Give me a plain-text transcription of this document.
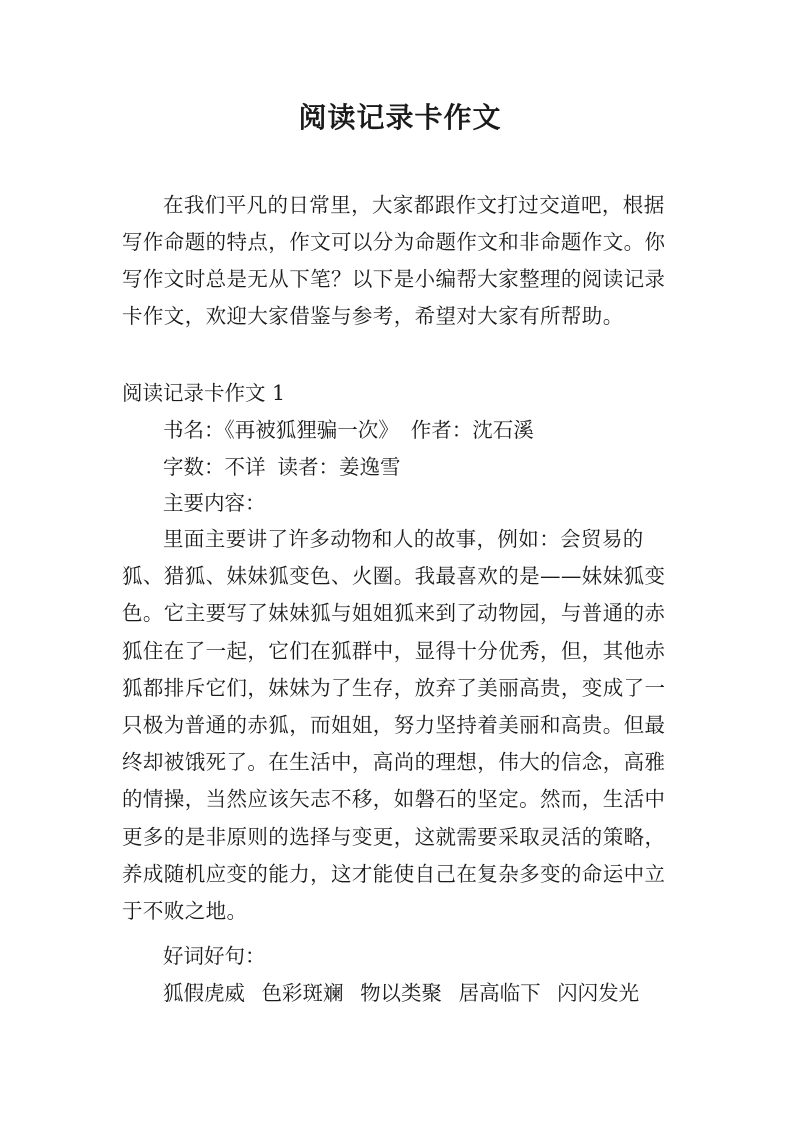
阅读记录卡作文

在我们平凡的日常里，大家都跟作文打过交道吧，根据写作命题的特点，作文可以分为命题作文和非命题作文。你写作文时总是无从下笔？以下是小编帮大家整理的阅读记录卡作文，欢迎大家借鉴与参考，希望对大家有所帮助。

阅读记录卡作文 1

书名：《再被狐狸骗一次》 作者：沈石溪

字数：不详 读者：姜逸雪

主要内容：

里面主要讲了许多动物和人的故事，例如：会贸易的狐、猎狐、妹妹狐变色、火圈。我最喜欢的是——妹妹狐变色。它主要写了妹妹狐与姐姐狐来到了动物园，与普通的赤狐住在了一起，它们在狐群中，显得十分优秀，但，其他赤狐都排斥它们，妹妹为了生存，放弃了美丽高贵，变成了一只极为普通的赤狐，而姐姐，努力坚持着美丽和高贵。但最终却被饿死了。在生活中，高尚的理想，伟大的信念，高雅的情操，当然应该矢志不移，如磐石的坚定。然而，生活中更多的是非原则的选择与变更，这就需要采取灵活的策略，养成随机应变的能力，这才能使自己在复杂多变的命运中立于不败之地。

好词好句：

狐假虎威 色彩斑斓 物以类聚 居高临下 闪闪发光
